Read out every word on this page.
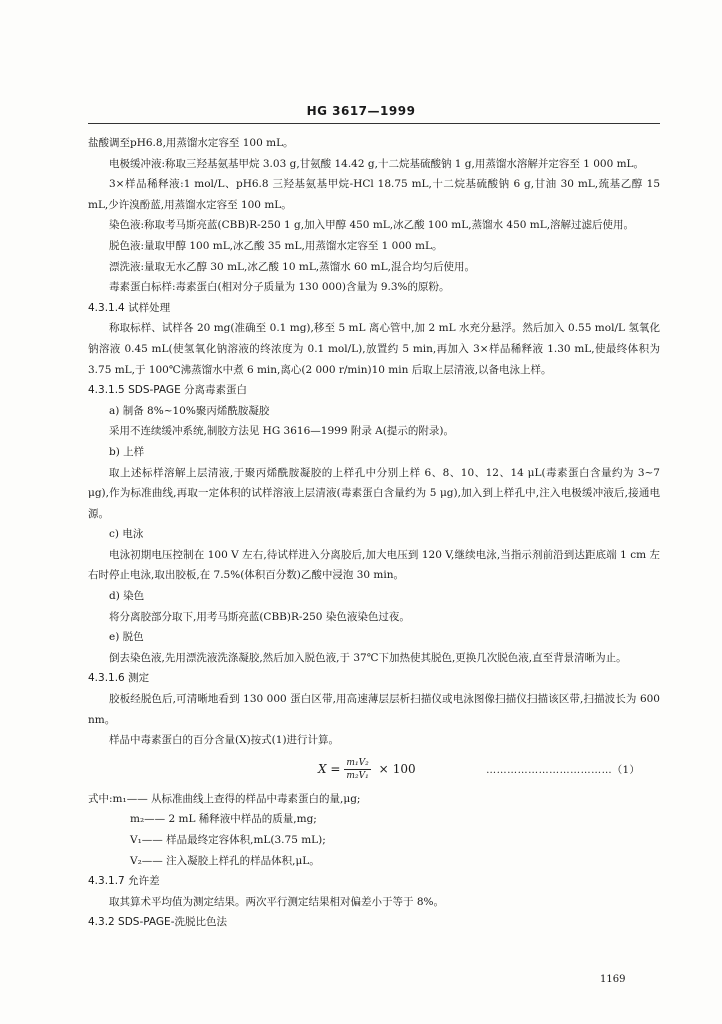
HG 3617—1999

盐酸调至pH6.8,用蒸馏水定容至 100 mL。

电极缓冲液:称取三羟基氨基甲烷 3.03 g,甘氨酸 14.42 g,十二烷基硫酸钠 1 g,用蒸馏水溶解并定容至 1 000 mL。

3×样品稀释液:1 mol/L、pH6.8 三羟基氨基甲烷-HCl 18.75 mL,十二烷基硫酸钠 6 g,甘油 30 mL,巯基乙醇 15 mL,少许溴酚蓝,用蒸馏水定容至 100 mL。

染色液:称取考马斯亮蓝(CBB)R-250 1 g,加入甲醇 450 mL,冰乙酸 100 mL,蒸馏水 450 mL,溶解过滤后使用。

脱色液:量取甲醇 100 mL,冰乙酸 35 mL,用蒸馏水定容至 1 000 mL。

漂洗液:量取无水乙醇 30 mL,冰乙酸 10 mL,蒸馏水 60 mL,混合均匀后使用。

毒素蛋白标样:毒素蛋白(相对分子质量为 130 000)含量为 9.3%的原粉。

4.3.1.4 试样处理

称取标样、试样各 20 mg(准确至 0.1 mg),移至 5 mL 离心管中,加 2 mL 水充分悬浮。然后加入 0.55 mol/L 氢氧化钠溶液 0.45 mL(使氢氧化钠溶液的终浓度为 0.1 mol/L),放置约 5 min,再加入 3×样品稀释液 1.30 mL,使最终体积为 3.75 mL,于 100℃沸蒸馏水中煮 6 min,离心(2 000 r/min)10 min 后取上层清液,以备电泳上样。

4.3.1.5 SDS-PAGE 分离毒素蛋白

a) 制备 8%~10%聚丙烯酰胺凝胶

采用不连续缓冲系统,制胶方法见 HG 3616—1999 附录 A(提示的附录)。

b) 上样

取上述标样溶解上层清液,于聚丙烯酰胺凝胶的上样孔中分别上样 6、8、10、12、14 μL(毒素蛋白含量约为 3~7 μg),作为标准曲线,再取一定体积的试样溶液上层清液(毒素蛋白含量约为 5 μg),加入到上样孔中,注入电极缓冲液后,接通电源。

c) 电泳

电泳初期电压控制在 100 V 左右,待试样进入分离胶后,加大电压到 120 V,继续电泳,当指示剂前沿到达距底端 1 cm 左右时停止电泳,取出胶板,在 7.5%(体积百分数)乙酸中浸泡 30 min。

d) 染色

将分离胶部分取下,用考马斯亮蓝(CBB)R-250 染色液染色过夜。

e) 脱色

倒去染色液,先用漂洗液洗涤凝胶,然后加入脱色液,于 37℃下加热使其脱色,更换几次脱色液,直至背景清晰为止。

4.3.1.6 测定

胶板经脱色后,可清晰地看到 130 000 蛋白区带,用高速薄层层析扫描仪或电泳图像扫描仪扫描该区带,扫描波长为 600 nm。

样品中毒素蛋白的百分含量(X)按式(1)进行计算。

$X = \frac{\text{m₁V₂}}{\text{m₂V₁}} \times 100$	………………………………（1）

式中:m₁—— 从标准曲线上查得的样品中毒素蛋白的量,μg;

m₂—— 2 mL 稀释液中样品的质量,mg;

V₁—— 样品最终定容体积,mL(3.75 mL);

V₂—— 注入凝胶上样孔的样品体积,μL。

4.3.1.7 允许差

取其算术平均值为测定结果。两次平行测定结果相对偏差小于等于 8%。

4.3.2 SDS-PAGE-洗脱比色法

1169
